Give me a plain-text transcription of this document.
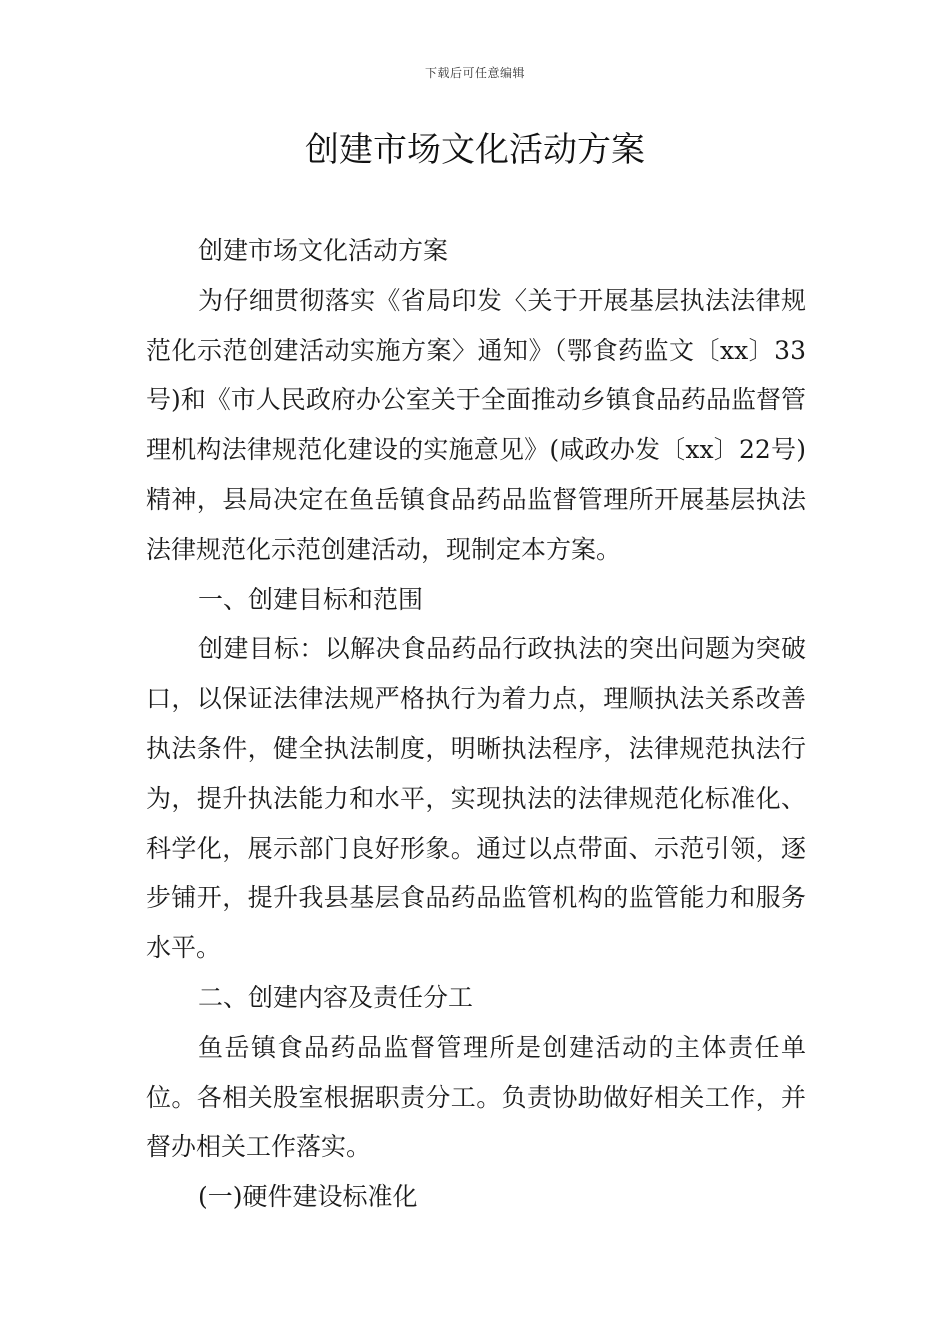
下载后可任意编辑
创建市场文化活动方案

创建市场文化活动方案

为仔细贯彻落实《省局印发〈关于开展基层执法法律规范化示范创建活动实施方案〉通知》（鄂食药监文〔xx〕33号)和《市人民政府办公室关于全面推动乡镇食品药品监督管理机构法律规范化建设的实施意见》(咸政办发〔xx〕22号)精神，县局决定在鱼岳镇食品药品监督管理所开展基层执法法律规范化示范创建活动，现制定本方案。

一、创建目标和范围

创建目标：以解决食品药品行政执法的突出问题为突破口，以保证法律法规严格执行为着力点，理顺执法关系改善执法条件，健全执法制度，明晰执法程序，法律规范执法行为，提升执法能力和水平，实现执法的法律规范化标准化、科学化，展示部门良好形象。通过以点带面、示范引领，逐步铺开，提升我县基层食品药品监管机构的监管能力和服务水平。

二、创建内容及责任分工

鱼岳镇食品药品监督管理所是创建活动的主体责任单位。各相关股室根据职责分工。负责协助做好相关工作，并督办相关工作落实。

(一)硬件建设标准化
